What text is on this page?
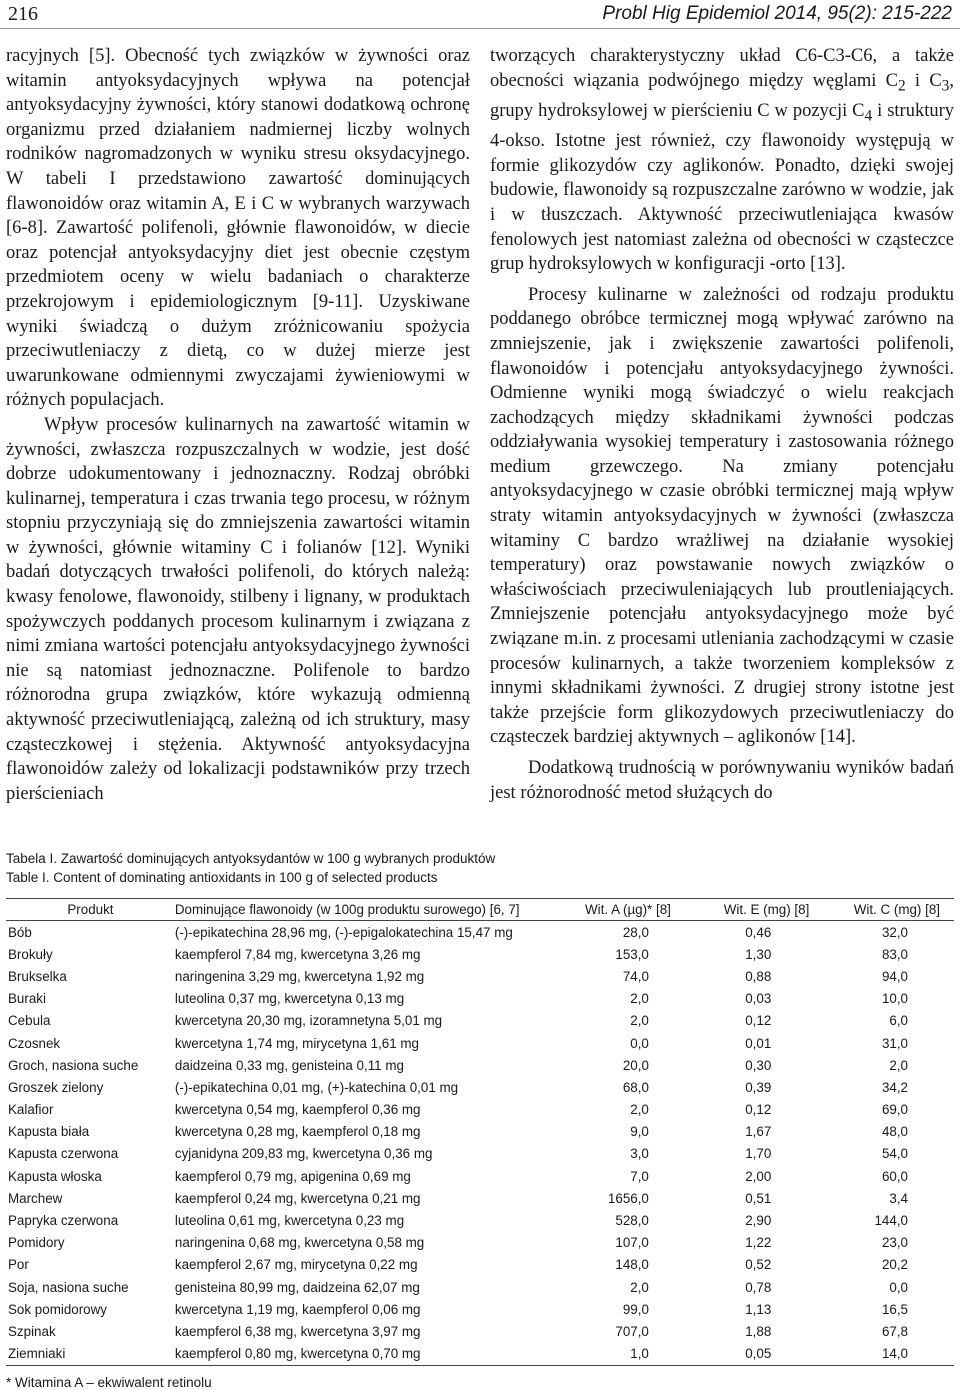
216	Probl Hig Epidemiol 2014, 95(2): 215-222

racyjnych [5]. Obecność tych związków w żywności oraz witamin antyoksydacyjnych wpływa na potencjał antyoksydacyjny żywności, który stanowi dodatkową ochronę organizmu przed działaniem nadmiernej liczby wolnych rodników nagromadzonych w wyniku stresu oksydacyjnego. W tabeli I przedstawiono zawartość dominujących flawonoidów oraz witamin A, E i C w wybranych warzywach [6-8]. Zawartość polifenoli, głównie flawonoidów, w diecie oraz potencjał antyoksydacyjny diet jest obecnie częstym przedmiotem oceny w wielu badaniach o charakterze przekrojowym i epidemiologicznym [9-11]. Uzyskiwane wyniki świadczą o dużym zróżnicowaniu spożycia przeciwutleniaczy z dietą, co w dużej mierze jest uwarunkowane odmiennymi zwyczajami żywieniowymi w różnych populacjach.

Wpływ procesów kulinarnych na zawartość witamin w żywności, zwłaszcza rozpuszczalnych w wodzie, jest dość dobrze udokumentowany i jednoznaczny. Rodzaj obróbki kulinarnej, temperatura i czas trwania tego procesu, w różnym stopniu przyczyniają się do zmniejszenia zawartości witamin w żywności, głównie witaminy C i folianów [12]. Wyniki badań dotyczących trwałości polifenoli, do których należą: kwasy fenolowe, flawonoidy, stilbeny i lignany, w produktach spożywczych poddanych procesom kulinarnym i związana z nimi zmiana wartości potencjału antyoksydacyjnego żywności nie są natomiast jednoznaczne. Polifenole to bardzo różnorodna grupa związków, które wykazują odmienną aktywność przeciwutleniającą, zależną od ich struktury, masy cząsteczkowej i stężenia. Aktywność antyoksydacyjna flawonoidów zależy od lokalizacji podstawników przy trzech pierścieniach

tworzących charakterystyczny układ C6-C3-C6, a także obecności wiązania podwójnego między węglami $C_2$ i $C_3$, grupy hydroksylowej w pierścieniu C w pozycji $C_4$ i struktury 4-okso. Istotne jest również, czy flawonoidy występują w formie glikozydów czy aglikonów. Ponadto, dzięki swojej budowie, flawonoidy są rozpuszczalne zarówno w wodzie, jak i w tłuszczach. Aktywność przeciwutleniająca kwasów fenolowych jest natomiast zależna od obecności w cząsteczce grup hydroksylowych w konfiguracji -orto [13].

Procesy kulinarne w zależności od rodzaju produktu poddanego obróbce termicznej mogą wpływać zarówno na zmniejszenie, jak i zwiększenie zawartości polifenoli, flawonoidów i potencjału antyoksydacyjnego żywności. Odmienne wyniki mogą świadczyć o wielu reakcjach zachodzących między składnikami żywności podczas oddziaływania wysokiej temperatury i zastosowania różnego medium grzewczego. Na zmiany potencjału antyoksydacyjnego w czasie obróbki termicznej mają wpływ straty witamin antyoksydacyjnych w żywności (zwłaszcza witaminy C bardzo wrażliwej na działanie wysokiej temperatury) oraz powstawanie nowych związków o właściwościach przeciwuleniających lub proutleniających. Zmniejszenie potencjału antyoksydacyjnego może być związane m.in. z procesami utleniania zachodzącymi w czasie procesów kulinarnych, a także tworzeniem kompleksów z innymi składnikami żywności. Z drugiej strony istotne jest także przejście form glikozydowych przeciwutleniaczy do cząsteczek bardziej aktywnych – aglikonów [14].

Dodatkową trudnością w porównywaniu wyników badań jest różnorodność metod służących do

Tabela I. Zawartość dominujących antyoksydantów w 100 g wybranych produktów
Table I. Content of dominating antioxidants in 100 g of selected products
Produkt	Dominujące flawonoidy (w 100g produktu surowego) [6, 7]	Wit. A (µg)* [8]	Wit. E (mg) [8]	Wit. C (mg) [8]
Bób	(-)-epikatechina 28,96 mg, (-)-epigalokatechina 15,47 mg	28,0	0,46	32,0
Brokuły	kaempferol 7,84 mg, kwercetyna 3,26 mg	153,0	1,30	83,0
Brukselka	naringenina 3,29 mg, kwercetyna 1,92 mg	74,0	0,88	94,0
Buraki	luteolina 0,37 mg, kwercetyna 0,13 mg	2,0	0,03	10,0
Cebula	kwercetyna 20,30 mg, izoramnetyna 5,01 mg	2,0	0,12	6,0
Czosnek	kwercetyna 1,74 mg, mirycetyna 1,61 mg	0,0	0,01	31,0
Groch, nasiona suche	daidzeina 0,33 mg, genisteina 0,11 mg	20,0	0,30	2,0
Groszek zielony	(-)-epikatechina 0,01 mg, (+)-katechina 0,01 mg	68,0	0,39	34,2
Kalafior	kwercetyna 0,54 mg, kaempferol 0,36 mg	2,0	0,12	69,0
Kapusta biała	kwercetyna 0,28 mg, kaempferol 0,18 mg	9,0	1,67	48,0
Kapusta czerwona	cyjanidyna 209,83 mg, kwercetyna 0,36 mg	3,0	1,70	54,0
Kapusta włoska	kaempferol 0,79 mg, apigenina 0,69 mg	7,0	2,00	60,0
Marchew	kaempferol 0,24 mg, kwercetyna 0,21 mg	1656,0	0,51	3,4
Papryka czerwona	luteolina 0,61 mg, kwercetyna 0,23 mg	528,0	2,90	144,0
Pomidory	naringenina 0,68 mg, kwercetyna 0,58 mg	107,0	1,22	23,0
Por	kaempferol 2,67 mg, mirycetyna 0,22 mg	148,0	0,52	20,2
Soja, nasiona suche	genisteina 80,99 mg, daidzeina 62,07 mg	2,0	0,78	0,0
Sok pomidorowy	kwercetyna 1,19 mg, kaempferol 0,06 mg	99,0	1,13	16,5
Szpinak	kaempferol 6,38 mg, kwercetyna 3,97 mg	707,0	1,88	67,8
Ziemniaki	kaempferol 0,80 mg, kwercetyna 0,70 mg	1,0	0,05	14,0
* Witamina A – ekwiwalent retinolu
